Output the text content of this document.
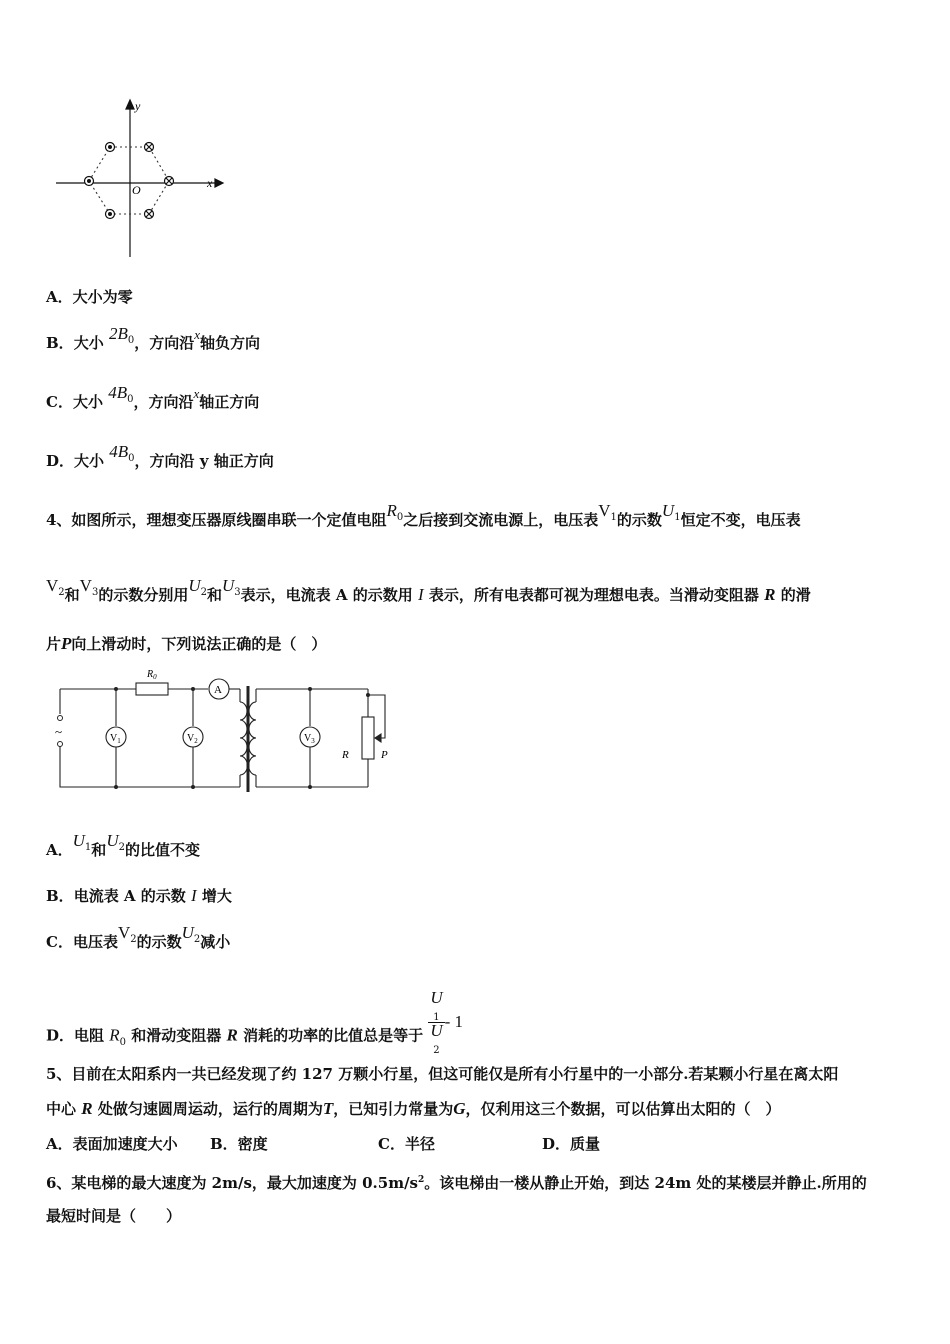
y
x
O
A．大小为零
B．大小 $2B_0$，方向沿x轴负方向
C．大小 $4B_0$，方向沿x轴正方向
D．大小 $4B_0$，方向沿 y 轴正方向
4、如图所示，理想变压器原线圈串联一个定值电阻$R_0$之后接到交流电源上，电压表$V_1$的示数$U_1$恒定不变，电压表
$V_2$和$V_3$的示数分别用$U_2$和$U_3$表示，电流表 A 的示数用 I 表示，所有电表都可视为理想电表。当滑动变阻器 R 的滑
片P向上滑动时，下列说法正确的是（　）
~
$R_0$
A
$V_1$	$V_2$	$V_3$
R	P
A．$U_1$和$U_2$的比值不变
B．电流表 A 的示数 I 增大
C．电压表$V_2$的示数$U_2$减小
D．电阻 $R_0$ 和滑动变阻器 R 消耗的功率的比值总是等于 U
1
U
2 - 1
5、目前在太阳系内一共已经发现了约 127 万颗小行星，但这可能仅是所有小行星中的一小部分.若某颗小行星在离太阳
中心 R 处做匀速圆周运动，运行的周期为T，已知引力常量为G，仅利用这三个数据，可以估算出太阳的（　）
A．表面加速度大小 B．密度	C．半径	D．质量
6、某电梯的最大速度为 2m/s，最大加速度为 $0.5m/s^2$。该电梯由一楼从静止开始，到达 24m 处的某楼层并静止.所用的
最短时间是（　　）
